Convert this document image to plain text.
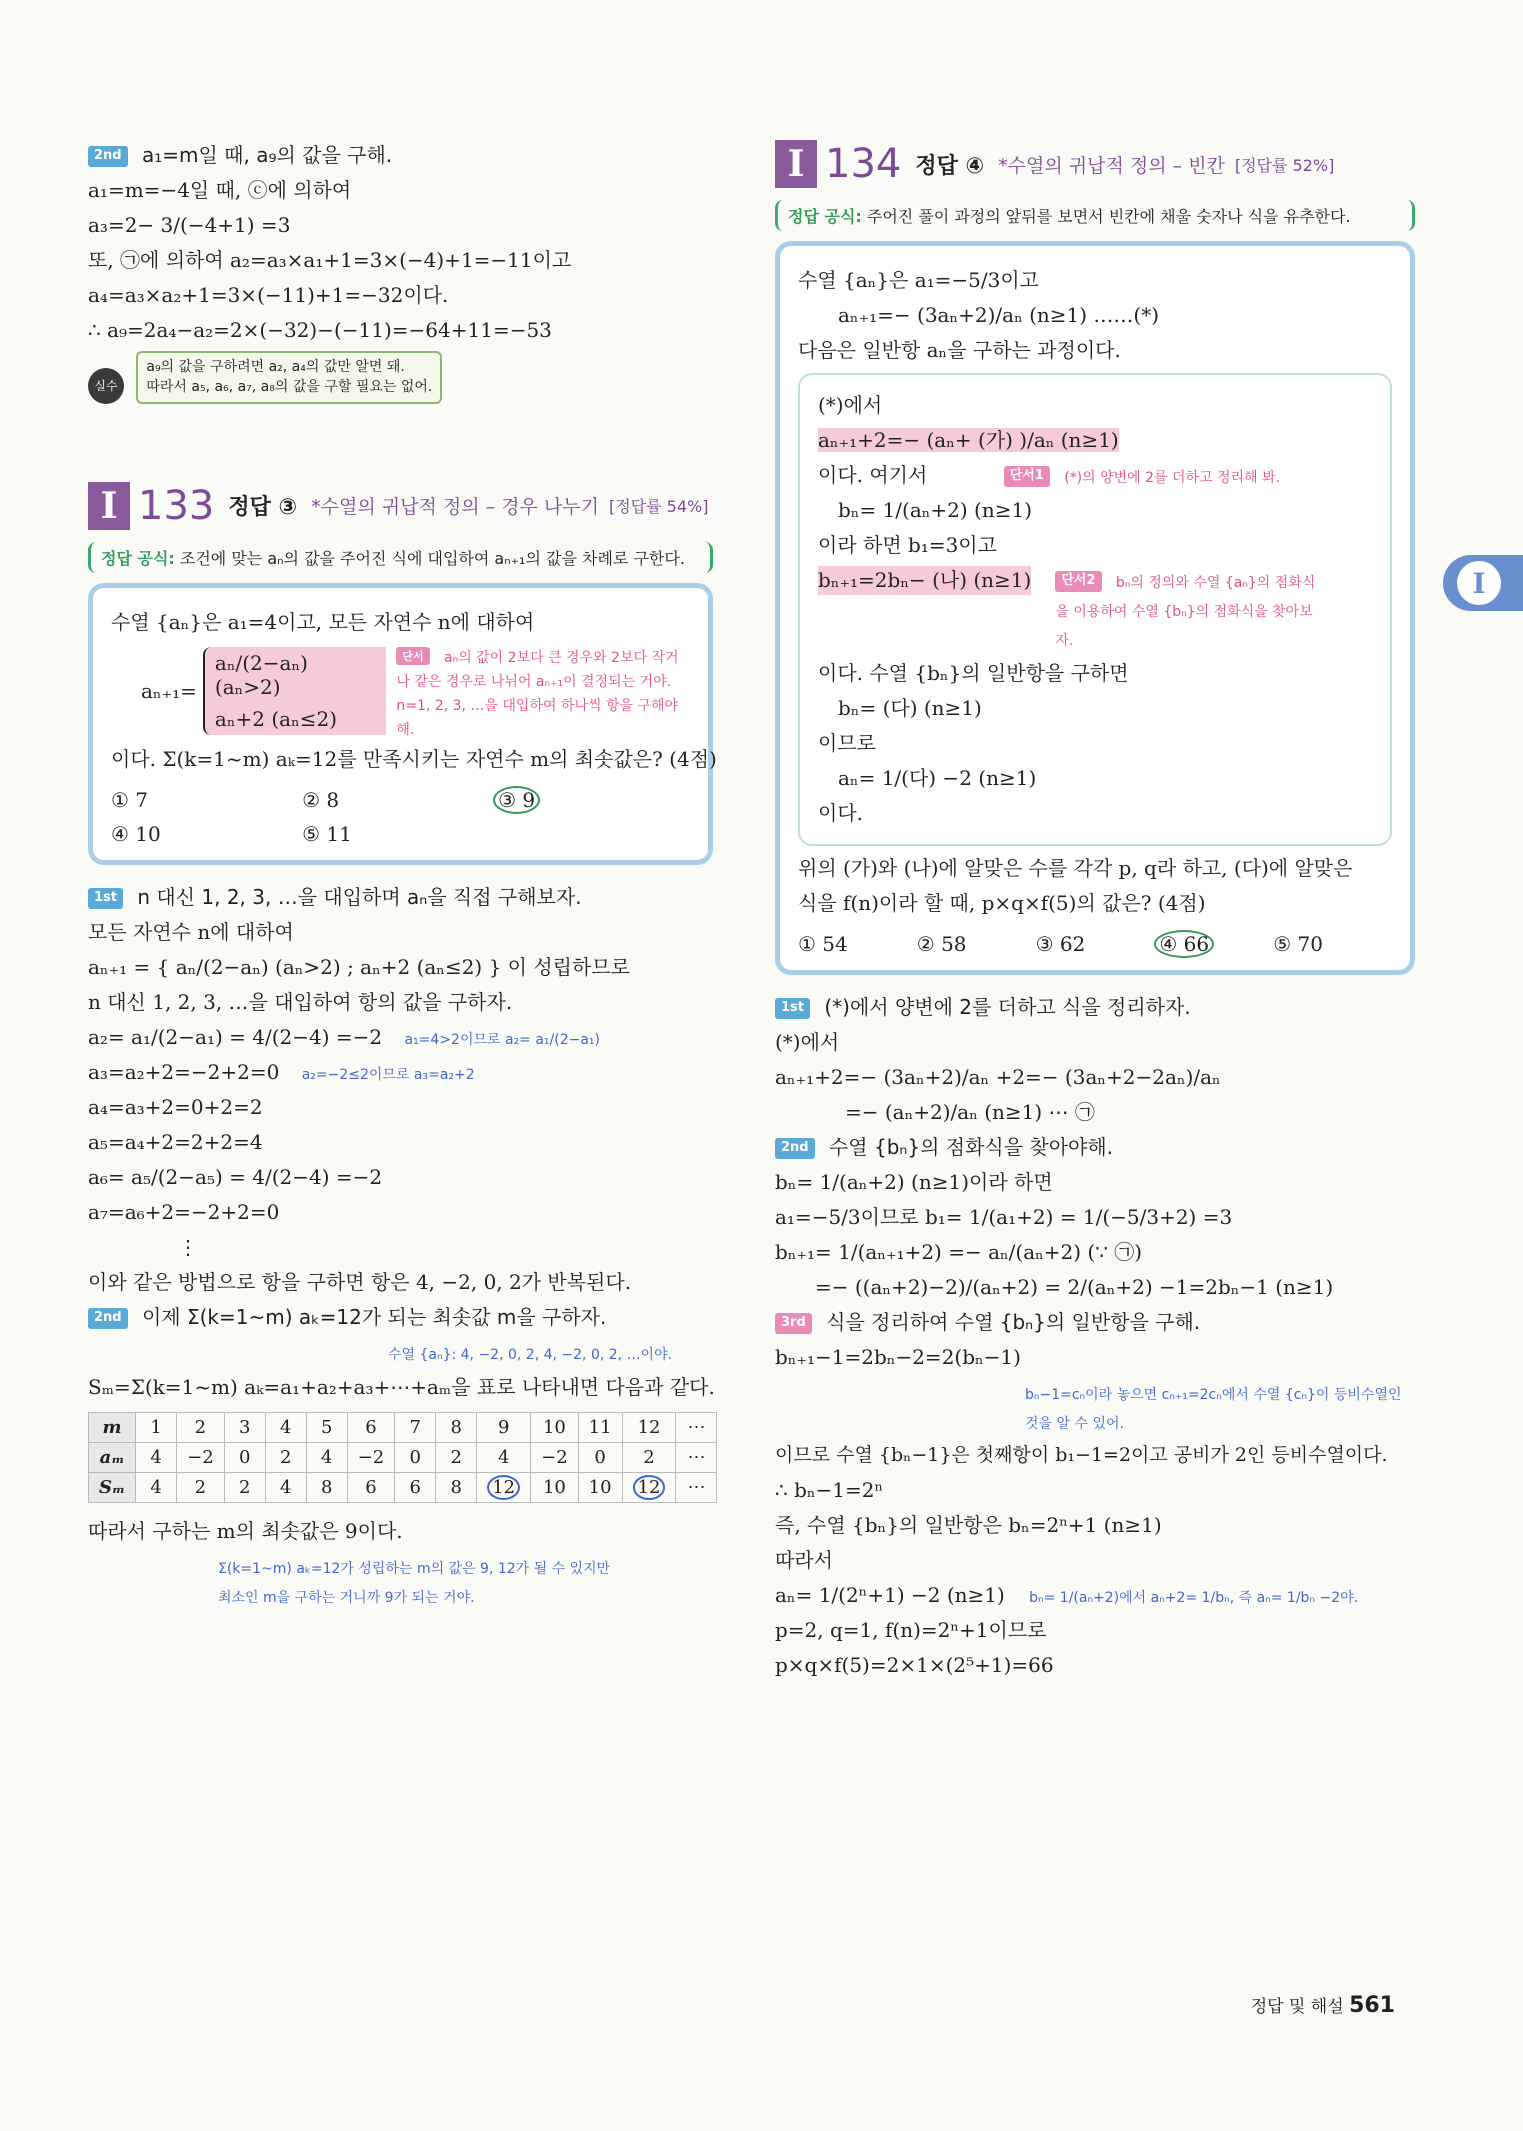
2nd a₁=m일 때, a₉의 값을 구해.
a₁=m=−4일 때, ⓒ에 의하여
a₃=2− 3/(−4+1) =3
또, ㉠에 의하여 a₂=a₃×a₁+1=3×(−4)+1=−11이고
a₄=a₃×a₂+1=3×(−11)+1=−32이다.
∴ a₉=2a₄−a₂=2×(−32)−(−11)=−64+11=−53
실수 a₉의 값을 구하려면 a₂, a₄의 값만 알면 돼.
따라서 a₅, a₆, a₇, a₈의 값을 구할 필요는 없어.
I 133 정답 ③ *수열의 귀납적 정의 – 경우 나누기 [정답률 54%]
정답 공식: 조건에 맞는 aₙ의 값을 주어진 식에 대입하여 aₙ₊₁의 값을 차례로 구한다.
수열 {aₙ}은 a₁=4이고, 모든 자연수 n에 대하여
aₙ₊₁=
aₙ/(2−aₙ) (aₙ>2)
aₙ+2 (aₙ≤2)
단서 aₙ의 값이 2보다 큰 경우와 2보다 작거나 같은 경우로 나뉘어 aₙ₊₁이 결정되는 거야. n=1, 2, 3, …을 대입하여 하나씩 항을 구해야 해.
이다. Σ(k=1~m) aₖ=12를 만족시키는 자연수 m의 최솟값은? (4점)
① 7	② 8	③ 9
④ 10	⑤ 11
1st n 대신 1, 2, 3, …을 대입하며 aₙ을 직접 구해보자.
모든 자연수 n에 대하여
aₙ₊₁ = { aₙ/(2−aₙ) (aₙ>2) ; aₙ+2 (aₙ≤2) } 이 성립하므로
n 대신 1, 2, 3, …을 대입하여 항의 값을 구하자.
a₂= a₁/(2−a₁) = 4/(2−4) =−2 a₁=4>2이므로 a₂= a₁/(2−a₁)
a₃=a₂+2=−2+2=0 a₂=−2≤2이므로 a₃=a₂+2
a₄=a₃+2=0+2=2
a₅=a₄+2=2+2=4
a₆= a₅/(2−a₅) = 4/(2−4) =−2
a₇=a₆+2=−2+2=0
⋮
이와 같은 방법으로 항을 구하면 항은 4, −2, 0, 2가 반복된다.
2nd 이제 Σ(k=1~m) aₖ=12가 되는 최솟값 m을 구하자.
수열 {aₙ}: 4, −2, 0, 2, 4, −2, 0, 2, …이야.
Sₘ=Σ(k=1~m) aₖ=a₁+a₂+a₃+⋯+aₘ을 표로 나타내면 다음과 같다.
m	1	2	3	4	5	6	7	8	9	10	11	12	⋯
aₘ	4	−2	0	2	4	−2	0	2	4	−2	0	2	⋯
Sₘ	4	2	2	4	8	6	6	8	12	10	10	12	⋯
따라서 구하는 m의 최솟값은 9이다.
Σ(k=1~m) aₖ=12가 성립하는 m의 값은 9, 12가 될 수 있지만
최소인 m을 구하는 거니까 9가 되는 거야.
I 134 정답 ④ *수열의 귀납적 정의 – 빈칸 [정답률 52%]
정답 공식: 주어진 풀이 과정의 앞뒤를 보면서 빈칸에 채울 숫자나 식을 유추한다.
수열 {aₙ}은 a₁=−5/3이고
aₙ₊₁=− (3aₙ+2)/aₙ (n≥1) ……(*)
다음은 일반항 aₙ을 구하는 과정이다.
(*)에서
aₙ₊₁+2=− (aₙ+ (가) )/aₙ (n≥1)
이다. 여기서	단서1 (*)의 양변에 2를 더하고 정리해 봐.
bₙ= 1/(aₙ+2) (n≥1)
이라 하면 b₁=3이고
bₙ₊₁=2bₙ− (나) (n≥1)	단서2 bₙ의 정의와 수열 {aₙ}의 점화식을 이용하여 수열 {bₙ}의 점화식을 찾아보자.
이다. 수열 {bₙ}의 일반항을 구하면
bₙ= (다) (n≥1)
이므로
aₙ= 1/(다) −2 (n≥1)
이다.
위의 (가)와 (나)에 알맞은 수를 각각 p, q라 하고, (다)에 알맞은
식을 f(n)이라 할 때, p×q×f(5)의 값은? (4점)
① 54	② 58	③ 62	④ 66	⑤ 70
1st (*)에서 양변에 2를 더하고 식을 정리하자.
(*)에서
aₙ₊₁+2=− (3aₙ+2)/aₙ +2=− (3aₙ+2−2aₙ)/aₙ
=− (aₙ+2)/aₙ (n≥1) ⋯ ㉠
2nd 수열 {bₙ}의 점화식을 찾아야해.
bₙ= 1/(aₙ+2) (n≥1)이라 하면
a₁=−5/3이므로 b₁= 1/(a₁+2) = 1/(−5/3+2) =3
bₙ₊₁= 1/(aₙ₊₁+2) =− aₙ/(aₙ+2) (∵ ㉠)
=− ((aₙ+2)−2)/(aₙ+2) = 2/(aₙ+2) −1=2bₙ−1 (n≥1)
3rd 식을 정리하여 수열 {bₙ}의 일반항을 구해.
bₙ₊₁−1=2bₙ−2=2(bₙ−1)
bₙ−1=cₙ이라 놓으면 cₙ₊₁=2cₙ에서 수열 {cₙ}이 등비수열인 것을 알 수 있어.
이므로 수열 {bₙ−1}은 첫째항이 b₁−1=2이고 공비가 2인 등비수열이다.
∴ bₙ−1=2ⁿ
즉, 수열 {bₙ}의 일반항은 bₙ=2ⁿ+1 (n≥1)
따라서
aₙ= 1/(2ⁿ+1) −2 (n≥1) bₙ= 1/(aₙ+2)에서 aₙ+2= 1/bₙ, 즉 aₙ= 1/bₙ −2야.
p=2, q=1, f(n)=2ⁿ+1이므로
p×q×f(5)=2×1×(2⁵+1)=66
I
정답 및 해설 561
